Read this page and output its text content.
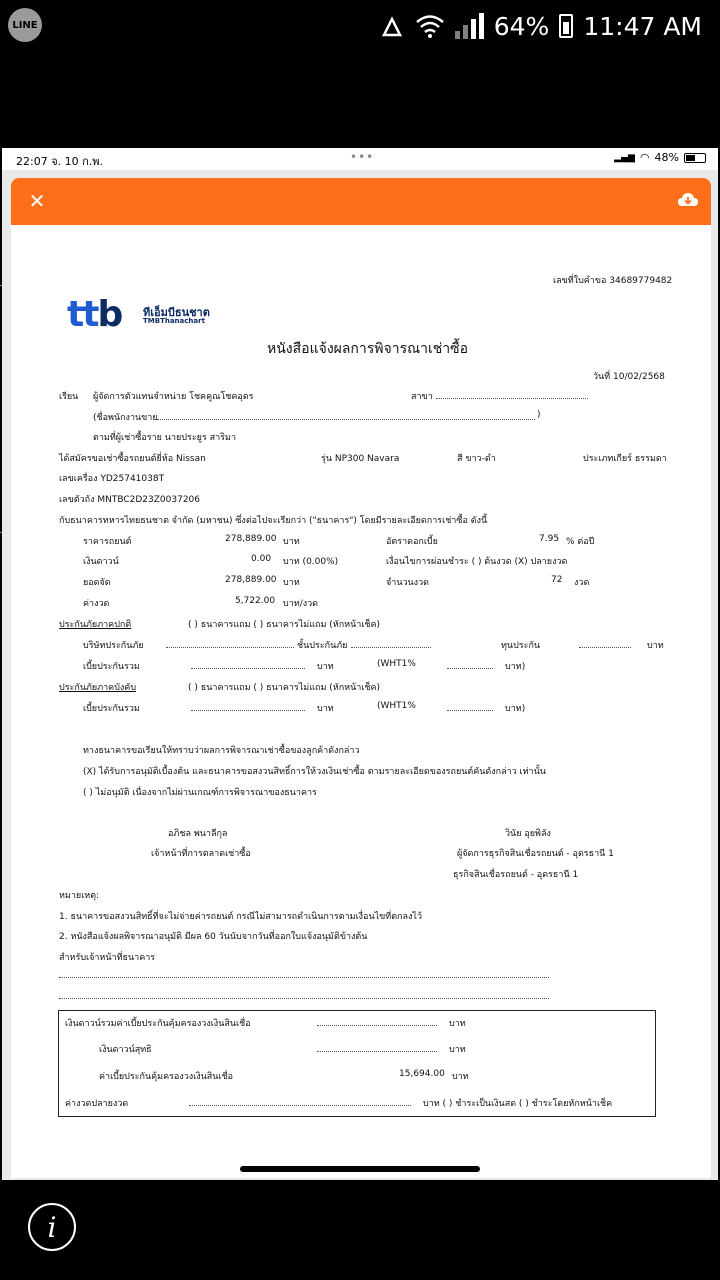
LINE	64% 11:47 AM
22:07 จ. 10 ก.พ.	•••	▂▄▆ ◠ 48%
✕
ttb ทีเอ็มบีธนชาต
TMBThanachart
เลขที่ใบคำขอ 34689779482
หนังสือแจ้งผลการพิจารณาเช่าซื้อ
วันที่ 10/02/2568
เรียน ผู้จัดการตัวแทนจำหน่าย โชคคูณโชคอุดร	สาขา
(ชื่อพนักงานขาย	)
ตามที่ผู้เช่าซื้อราย นายประยูร สาริมา
ได้สมัครขอเช่าซื้อรถยนต์ยี่ห้อ Nissan	รุ่น NP300 Navara	สี ขาว-ดำ	ประเภทเกียร์ ธรรมดา
เลขเครื่อง YD25741038T
เลขตัวถัง MNTBC2D23Z0037206
กับธนาคารทหารไทยธนชาต จำกัด (มหาชน) ซึ่งต่อไปจะเรียกว่า ("ธนาคาร") โดยมีรายละเอียดการเช่าซื้อ ดังนี้
ราคารถยนต์	278,889.00 บาท	อัตราดอกเบี้ย	7.95 % ต่อปี
เงินดาวน์	0.00 บาท (0.00%)	เงื่อนไขการผ่อนชำระ ( ) ต้นงวด (X) ปลายงวด
ยอดจัด	278,889.00 บาท	จำนวนงวด	72 งวด
ค่างวด	5,722.00 บาท/งวด
ประกันภัยภาคปกติ	( ) ธนาคารแถม ( ) ธนาคารไม่แถม (หักหน้าเช็ค)
บริษัทประกันภัย	ชั้นประกันภัย	ทุนประกัน	บาท
เบี้ยประกันรวม	บาท	(WHT1%	บาท)
ประกันภัยภาคบังคับ	( ) ธนาคารแถม ( ) ธนาคารไม่แถม (หักหน้าเช็ค)
เบี้ยประกันรวม	บาท	(WHT1%	บาท)
ทางธนาคารขอเรียนให้ทราบว่าผลการพิจารณาเช่าซื้อของลูกค้าดังกล่าว
(X) ได้รับการอนุมัติเบื้องต้น และธนาคารขอสงวนสิทธิ์การให้วงเงินเช่าซื้อ ตามรายละเอียดของรถยนต์คันดังกล่าว เท่านั้น
( ) ไม่อนุมัติ เนื่องจากไม่ผ่านเกณฑ์การพิจารณาของธนาคาร
อภิชล พนาลีกุล
เจ้าหน้าที่การตลาดเช่าซื้อ
วินัย อุยพิลัง
ผู้จัดการธุรกิจสินเชื่อรถยนต์ - อุดรธานี 1
ธุรกิจสินเชื่อรถยนต์ - อุดรธานี 1
หมายเหตุ:
1. ธนาคารขอสงวนสิทธิ์ที่จะไม่จ่ายค่ารถยนต์ กรณีไม่สามารถดำเนินการตามเงื่อนไขที่ตกลงไว้
2. หนังสือแจ้งผลพิจารณาอนุมัติ มีผล 60 วันนับจากวันที่ออกใบแจ้งอนุมัติข้างต้น
สำหรับเจ้าหน้าที่ธนาคาร
เงินดาวน์รวมค่าเบี้ยประกันคุ้มครองวงเงินสินเชื่อ	บาท
เงินดาวน์สุทธิ	บาท
ค่าเบี้ยประกันคุ้มครองวงเงินสินเชื่อ	15,694.00 บาท
ค่างวดปลายงวด	บาท ( ) ชำระเป็นเงินสด ( ) ชำระโดยหักหน้าเช็ค
i
